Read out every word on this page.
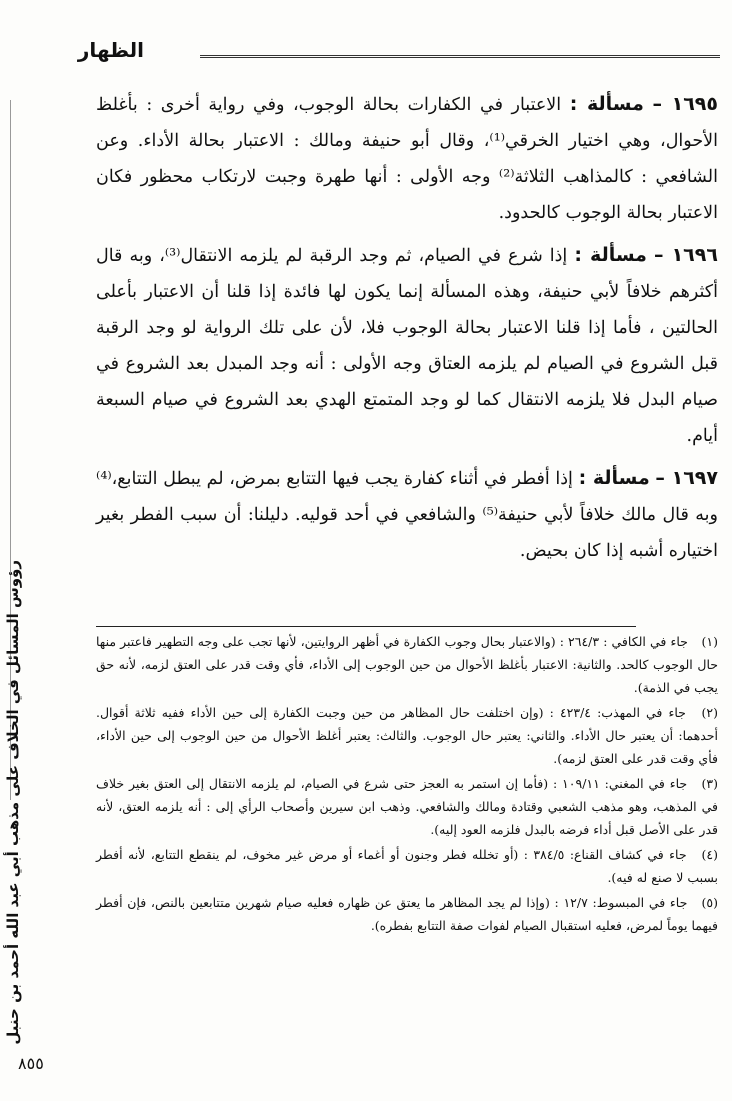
الظهار
رؤوس المسائل في الخلاف على مذهب أبي عبد الله أحمد بن حنبل

١٦٩٥ – مسألة : الاعتبار في الكفارات بحالة الوجوب، وفي رواية أخرى : بأغلظ الأحوال، وهي اختيار الخرقي⁽¹⁾، وقال أبو حنيفة ومالك : الاعتبار بحالة الأداء. وعن الشافعي : كالمذاهب الثلاثة⁽²⁾ وجه الأولى : أنها طهرة وجبت لارتكاب محظور فكان الاعتبار بحالة الوجوب كالحدود.

١٦٩٦ – مسألة : إذا شرع في الصيام، ثم وجد الرقبة لم يلزمه الانتقال⁽³⁾، وبه قال أكثرهم خلافاً لأبي حنيفة، وهذه المسألة إنما يكون لها فائدة إذا قلنا أن الاعتبار بأعلى الحالتين ، فأما إذا قلنا الاعتبار بحالة الوجوب فلا، لأن على تلك الرواية لو وجد الرقبة قبل الشروع في الصيام لم يلزمه العتاق وجه الأولى : أنه وجد المبدل بعد الشروع في صيام البدل فلا يلزمه الانتقال كما لو وجد المتمتع الهدي بعد الشروع في صيام السبعة أيام.

١٦٩٧ – مسألة : إذا أفطر في أثناء كفارة يجب فيها التتابع بمرض، لم يبطل التتابع،⁽⁴⁾ وبه قال مالك خلافاً لأبي حنيفة⁽⁵⁾ والشافعي في أحد قوليه. دليلنا: أن سبب الفطر بغير اختياره أشبه إذا كان بحيض.

(١) جاء في الكافي : ٢٦٤/٣ : (والاعتبار بحال وجوب الكفارة في أظهر الروايتين، لأنها تجب على وجه التطهير فاعتبر منها حال الوجوب كالحد. والثانية: الاعتبار بأغلظ الأحوال من حين الوجوب إلى الأداء، فأي وقت قدر على العتق لزمه، لأنه حق يجب في الذمة).

(٢) جاء في المهذب: ٤٢٣/٤ : (وإن اختلفت حال المظاهر من حين وجبت الكفارة إلى حين الأداء ففيه ثلاثة أقوال. أحدهما: أن يعتبر حال الأداء. والثاني: يعتبر حال الوجوب. والثالث: يعتبر أغلظ الأحوال من حين الوجوب إلى حين الأداء، فأي وقت قدر على العتق لزمه).

(٣) جاء في المغني: ١٠٩/١١ : (فأما إن استمر به العجز حتى شرع في الصيام، لم يلزمه الانتقال إلى العتق بغير خلاف في المذهب، وهو مذهب الشعبي وقتادة ومالك والشافعي. وذهب ابن سيرين وأصحاب الرأي إلى : أنه يلزمه العتق، لأنه قدر على الأصل قبل أداء فرضه بالبدل فلزمه العود إليه).

(٤) جاء في كشاف القناع: ٣٨٤/٥ : (أو تخلله فطر وجنون أو أغماء أو مرض غير مخوف، لم ينقطع التتابع، لأنه أفطر بسبب لا صنع له فيه).

(٥) جاء في المبسوط: ١٢/٧ : (وإذا لم يجد المظاهر ما يعتق عن ظهاره فعليه صيام شهرين متتابعين بالنص، فإن أفطر فيهما يوماً لمرض، فعليه استقبال الصيام لفوات صفة التتابع بفطره).

٨٥٥
